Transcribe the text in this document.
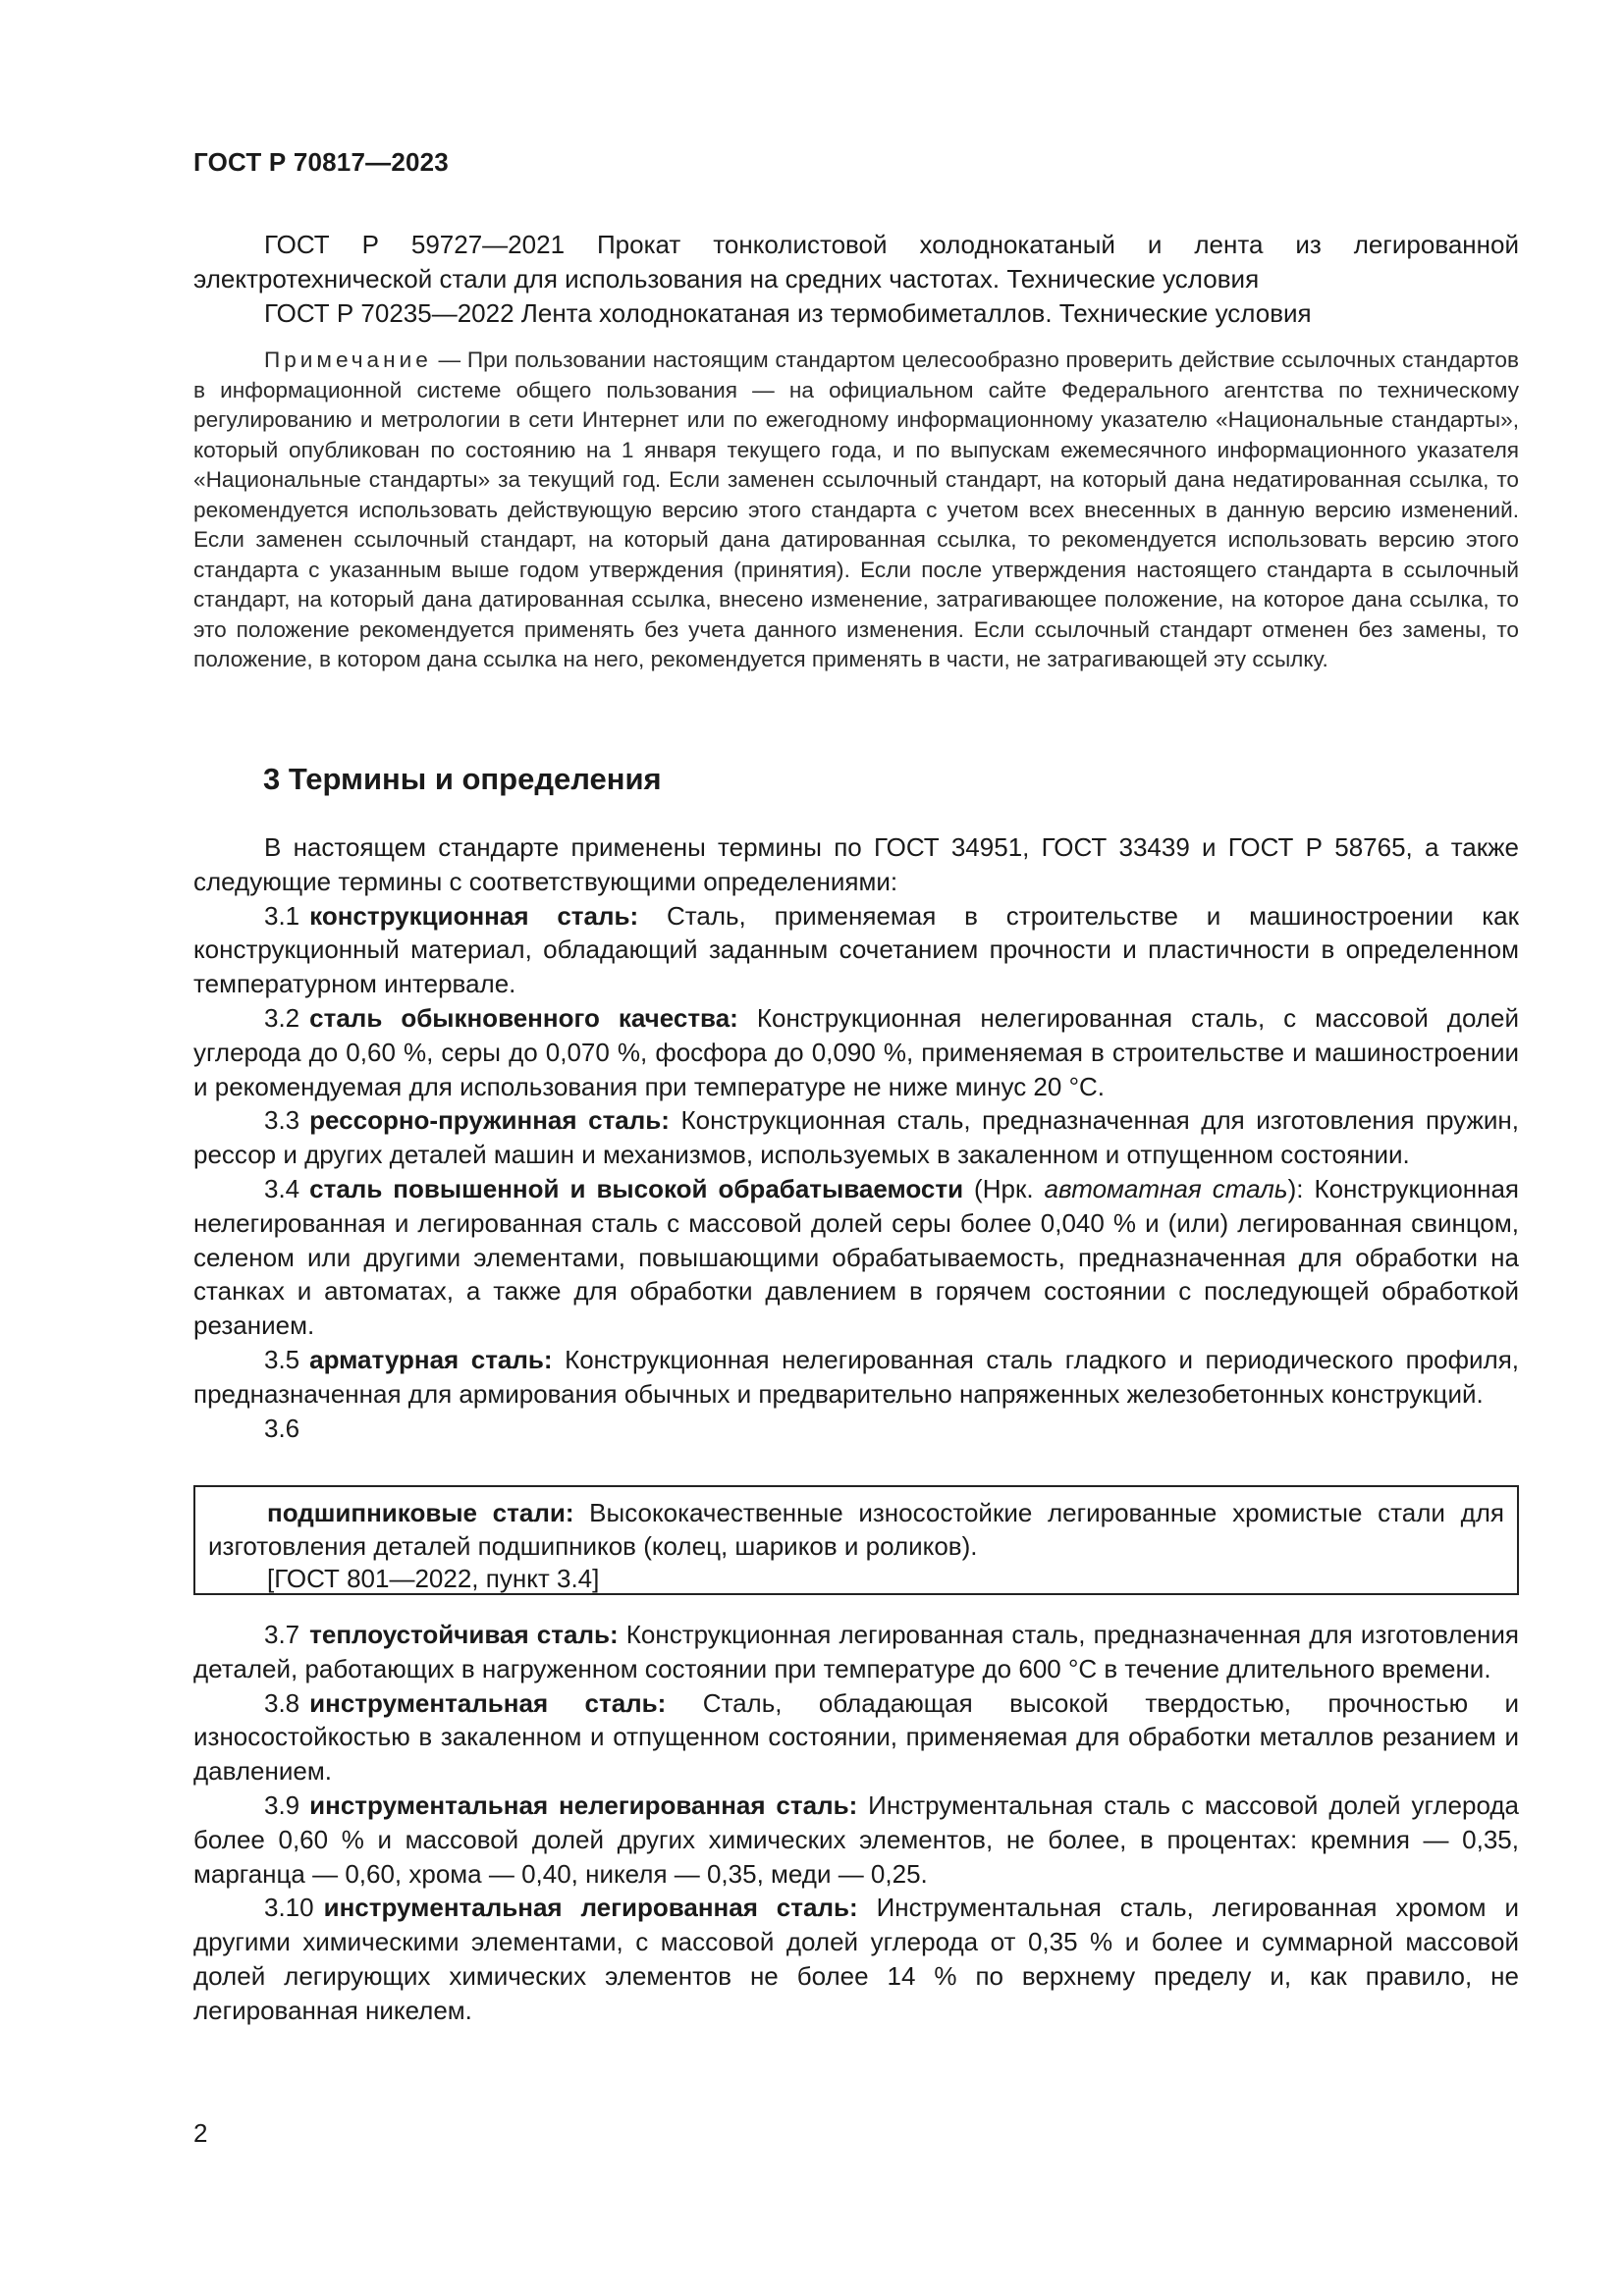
ГОСТ Р 70817—2023

ГОСТ Р 59727—2021 Прокат тонколистовой холоднокатаный и лента из легированной электротехнической стали для использования на средних частотах. Технические условия

ГОСТ Р 70235—2022 Лента холоднокатаная из термобиметаллов. Технические условия

Примечание — При пользовании настоящим стандартом целесообразно проверить действие ссылочных стандартов в информационной системе общего пользования — на официальном сайте Федерального агентства по техническому регулированию и метрологии в сети Интернет или по ежегодному информационному указателю «Национальные стандарты», который опубликован по состоянию на 1 января текущего года, и по выпускам ежемесячного информационного указателя «Национальные стандарты» за текущий год. Если заменен ссылочный стандарт, на который дана недатированная ссылка, то рекомендуется использовать действующую версию этого стандарта с учетом всех внесенных в данную версию изменений. Если заменен ссылочный стандарт, на который дана датированная ссылка, то рекомендуется использовать версию этого стандарта с указанным выше годом утверждения (принятия). Если после утверждения настоящего стандарта в ссылочный стандарт, на который дана датированная ссылка, внесено изменение, затрагивающее положение, на которое дана ссылка, то это положение рекомендуется применять без учета данного изменения. Если ссылочный стандарт отменен без замены, то положение, в котором дана ссылка на него, рекомендуется применять в части, не затрагивающей эту ссылку.

3 Термины и определения

В настоящем стандарте применены термины по ГОСТ 34951, ГОСТ 33439 и ГОСТ Р 58765, а также следующие термины с соответствующими определениями:

3.1 конструкционная сталь: Сталь, применяемая в строительстве и машиностроении как конструкционный материал, обладающий заданным сочетанием прочности и пластичности в определенном температурном интервале.

3.2 сталь обыкновенного качества: Конструкционная нелегированная сталь, с массовой долей углерода до 0,60 %, серы до 0,070 %, фосфора до 0,090 %, применяемая в строительстве и машиностроении и рекомендуемая для использования при температуре не ниже минус 20 °С.

3.3 рессорно-пружинная сталь: Конструкционная сталь, предназначенная для изготовления пружин, рессор и других деталей машин и механизмов, используемых в закаленном и отпущенном состоянии.

3.4 сталь повышенной и высокой обрабатываемости (Нрк. автоматная сталь): Конструкционная нелегированная и легированная сталь с массовой долей серы более 0,040 % и (или) легированная свинцом, селеном или другими элементами, повышающими обрабатываемость, предназначенная для обработки на станках и автоматах, а также для обработки давлением в горячем состоянии с последующей обработкой резанием.

3.5 арматурная сталь: Конструкционная нелегированная сталь гладкого и периодического профиля, предназначенная для армирования обычных и предварительно напряженных железобетонных конструкций.

3.6

подшипниковые стали: Высококачественные износостойкие легированные хромистые стали для изготовления деталей подшипников (колец, шариков и роликов).

[ГОСТ 801—2022, пункт 3.4]

3.7 теплоустойчивая сталь: Конструкционная легированная сталь, предназначенная для изготовления деталей, работающих в нагруженном состоянии при температуре до 600 °С в течение длительного времени.

3.8 инструментальная сталь: Сталь, обладающая высокой твердостью, прочностью и износостойкостью в закаленном и отпущенном состоянии, применяемая для обработки металлов резанием и давлением.

3.9 инструментальная нелегированная сталь: Инструментальная сталь с массовой долей углерода более 0,60 % и массовой долей других химических элементов, не более, в процентах: кремния — 0,35, марганца — 0,60, хрома — 0,40, никеля — 0,35, меди — 0,25.

3.10 инструментальная легированная сталь: Инструментальная сталь, легированная хромом и другими химическими элементами, с массовой долей углерода от 0,35 % и более и суммарной массовой долей легирующих химических элементов не более 14 % по верхнему пределу и, как правило, не легированная никелем.

2
